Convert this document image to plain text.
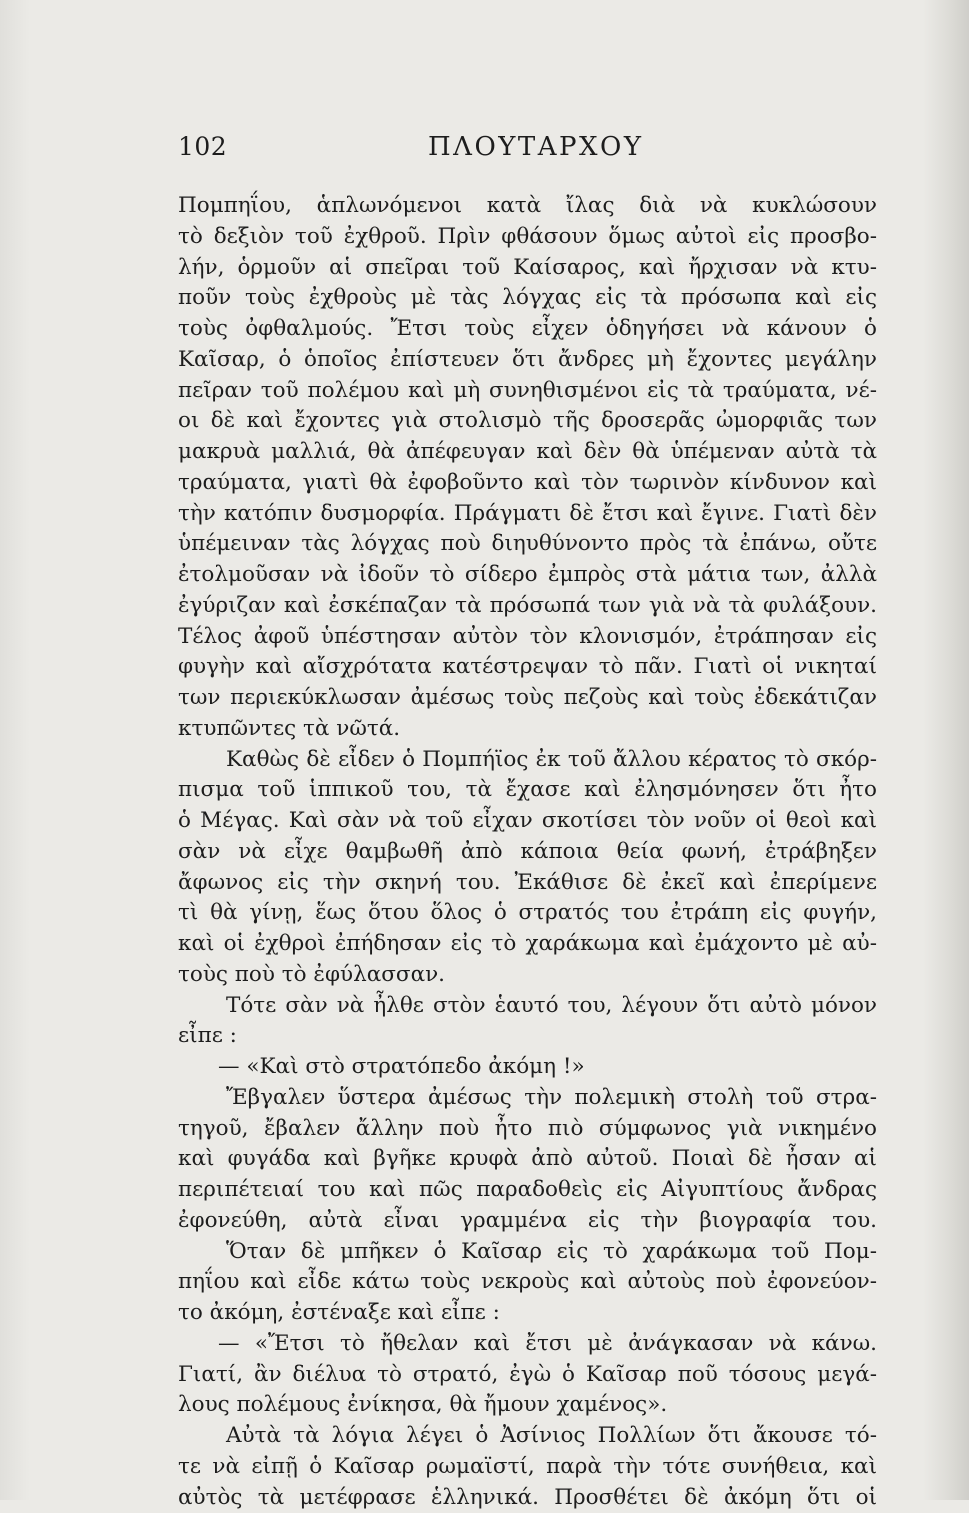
102	ΠΛΟΥΤΑΡΧΟΥ
Πομπηΐου, ἁπλωνόμενοι κατὰ ἴλας διὰ νὰ κυκλώσουν
τὸ δεξιὸν τοῦ ἐχθροῦ. Πρὶν φθάσουν ὅμως αὐτοὶ εἰς προσβο-
λήν, ὁρμοῦν αἱ σπεῖραι τοῦ Καίσαρος, καὶ ἤρχισαν νὰ κτυ-
ποῦν τοὺς ἐχθροὺς μὲ τὰς λόγχας εἰς τὰ πρόσωπα καὶ εἰς
τοὺς ὀφθαλμούς. Ἔτσι τοὺς εἶχεν ὁδηγήσει νὰ κάνουν ὁ
Καῖσαρ, ὁ ὁποῖος ἐπίστευεν ὅτι ἄνδρες μὴ ἔχοντες μεγάλην
πεῖραν τοῦ πολέμου καὶ μὴ συνηθισμένοι εἰς τὰ τραύματα, νέ-
οι δὲ καὶ ἔχοντες γιὰ στολισμὸ τῆς δροσερᾶς ὠμορφιᾶς των
μακρυὰ μαλλιά, θὰ ἀπέφευγαν καὶ δὲν θὰ ὑπέμεναν αὐτὰ τὰ
τραύματα, γιατὶ θὰ ἐφοβοῦντο καὶ τὸν τωρινὸν κίνδυνον καὶ
τὴν κατόπιν δυσμορφία. Πράγματι δὲ ἔτσι καὶ ἔγινε. Γιατὶ δὲν
ὑπέμειναν τὰς λόγχας ποὺ διηυθύνοντο πρὸς τὰ ἐπάνω, οὔτε
ἐτολμοῦσαν νὰ ἰδοῦν τὸ σίδερο ἐμπρὸς στὰ μάτια των, ἀλλὰ
ἐγύριζαν καὶ ἐσκέπαζαν τὰ πρόσωπά των γιὰ νὰ τὰ φυλάξουν.
Τέλος ἀφοῦ ὑπέστησαν αὐτὸν τὸν κλονισμόν, ἐτράπησαν εἰς
φυγὴν καὶ αἴσχρότατα κατέστρεψαν τὸ πᾶν. Γιατὶ οἱ νικηταί
των περιεκύκλωσαν ἀμέσως τοὺς πεζοὺς καὶ τοὺς ἐδεκάτιζαν
κτυπῶντες τὰ νῶτά.
Καθὼς δὲ εἶδεν ὁ Πομπήϊος ἐκ τοῦ ἄλλου κέρατος τὸ σκόρ-
πισμα τοῦ ἱππικοῦ του, τὰ ἔχασε καὶ ἐλησμόνησεν ὅτι ἦτο
ὁ Μέγας. Καὶ σὰν νὰ τοῦ εἶχαν σκοτίσει τὸν νοῦν οἱ θεοὶ καὶ
σὰν νὰ εἶχε θαμβωθῆ ἀπὸ κάποια θεία φωνή, ἐτράβηξεν
ἄφωνος εἰς τὴν σκηνή του. Ἐκάθισε δὲ ἐκεῖ καὶ ἐπερίμενε
τὶ θὰ γίνῃ, ἕως ὅτου ὅλος ὁ στρατός του ἐτράπη εἰς φυγήν,
καὶ οἱ ἐχθροὶ ἐπήδησαν εἰς τὸ χαράκωμα καὶ ἐμάχοντο μὲ αὐ-
τοὺς ποὺ τὸ ἐφύλασσαν.
Τότε σὰν νὰ ἦλθε στὸν ἑαυτό του, λέγουν ὅτι αὐτὸ μόνον
εἶπε :
— «Καὶ στὸ στρατόπεδο ἀκόμη !»
Ἔβγαλεν ὕστερα ἀμέσως τὴν πολεμικὴ στολὴ τοῦ στρα-
τηγοῦ, ἔβαλεν ἄλλην ποὺ ἦτο πιὸ σύμφωνος γιὰ νικημένο
καὶ φυγάδα καὶ βγῆκε κρυφὰ ἀπὸ αὐτοῦ. Ποιαὶ δὲ ἦσαν αἱ
περιπέτειαί του καὶ πῶς παραδοθεὶς εἰς Αἰγυπτίους ἄνδρας
ἐφονεύθη, αὐτὰ εἶναι γραμμένα εἰς τὴν βιογραφία του.
Ὅταν δὲ μπῆκεν ὁ Καῖσαρ εἰς τὸ χαράκωμα τοῦ Πομ-
πηΐου καὶ εἶδε κάτω τοὺς νεκροὺς καὶ αὐτοὺς ποὺ ἐφονεύον-
το ἀκόμη, ἐστέναξε καὶ εἶπε :
— «Ἔτσι τὸ ἤθελαν καὶ ἔτσι μὲ ἀνάγκασαν νὰ κάνω.
Γιατί, ἂν διέλυα τὸ στρατό, ἐγὼ ὁ Καῖσαρ ποῦ τόσους μεγά-
λους πολέμους ἐνίκησα, θὰ ἤμουν χαμένος».
Αὐτὰ τὰ λόγια λέγει ὁ Ἀσίνιος Πολλίων ὅτι ἄκουσε τό-
τε νὰ εἰπῇ ὁ Καῖσαρ ρωμαϊστί, παρὰ τὴν τότε συνήθεια, καὶ
αὐτὸς τὰ μετέφρασε ἑλληνικά. Προσθέτει δὲ ἀκόμη ὅτι οἱ
